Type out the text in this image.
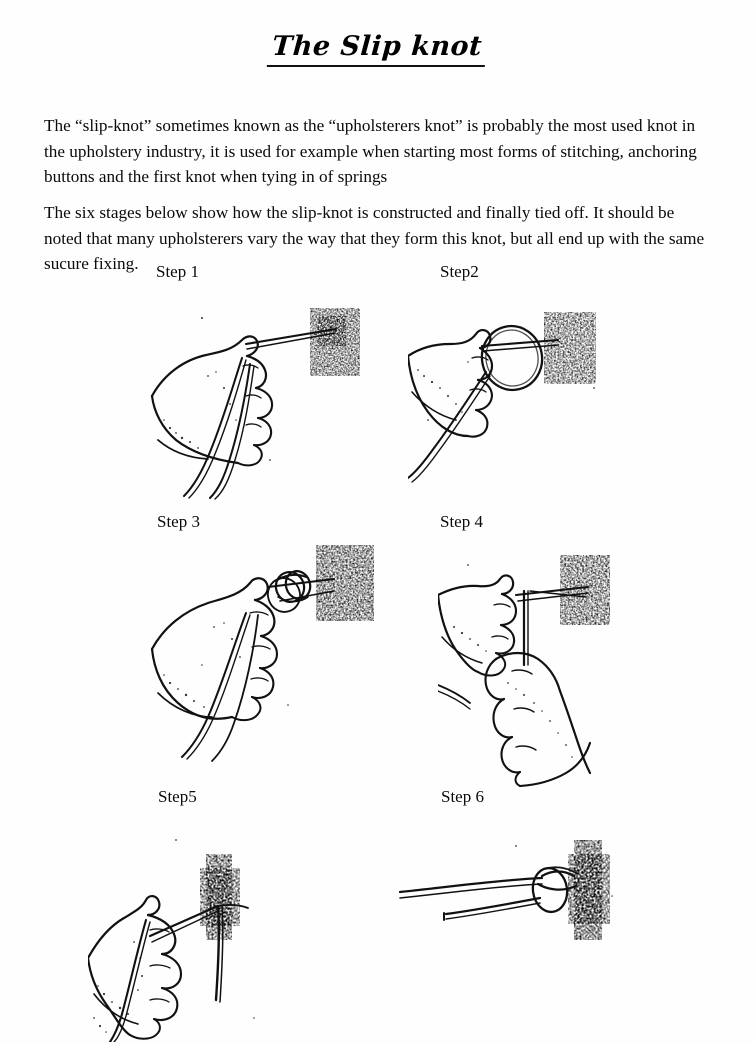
The Slip knot

The “slip-knot” sometimes known as the “upholsterers knot” is probably the most used knot in the upholstery industry, it is used for example when starting most forms of stitching, anchoring buttons and the first knot when tying in of springs

The six stages below show how the slip-knot is constructed and finally tied off. It should be noted that many upholsterers vary the way that they form this knot, but all end up with the same sucure fixing.	Step 1	Step2
Step 3	Step 4
Step5	Step 6
